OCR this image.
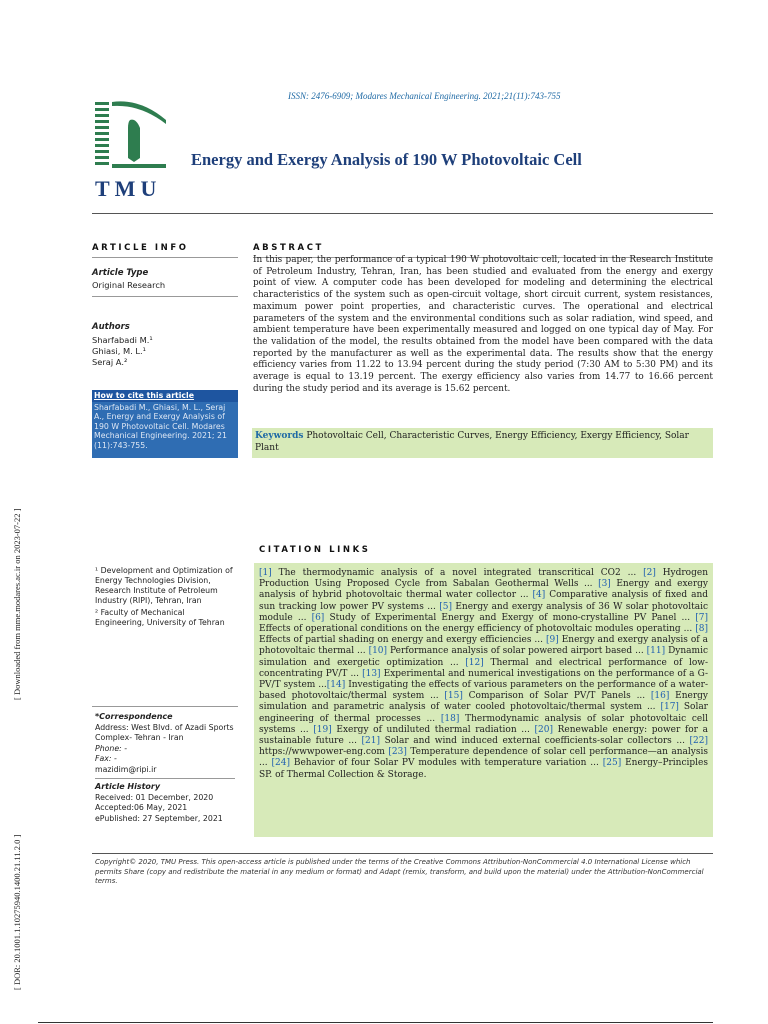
ISSN: 2476-6909; Modares Mechanical Engineering. 2021;21(11):743-755
TMU
Energy and Exergy Analysis of 190 W Photovoltaic Cell
ARTICLE INFO
Article Type
Original Research
Authors
Sharfabadi M.¹
Ghiasi, M. L.¹
Seraj A.²
How to cite this article
Sharfabadi M., Ghiasi, M. L., Seraj A., Energy and Exergy Analysis of 190 W Photovoltaic Cell. Modares Mechanical Engineering. 2021; 21 (11):743-755.
ABSTRACT
In this paper, the performance of a typical 190 W photovoltaic cell, located in the Research Institute of Petroleum Industry, Tehran, Iran, has been studied and evaluated from the energy and exergy point of view. A computer code has been developed for modeling and determining the electrical characteristics of the system such as open-circuit voltage, short circuit current, system resistances, maximum power point properties, and characteristic curves. The operational and electrical parameters of the system and the environmental conditions such as solar radiation, wind speed, and ambient temperature have been experimentally measured and logged on one typical day of May. For the validation of the model, the results obtained from the model have been compared with the data reported by the manufacturer as well as the experimental data. The results show that the energy efficiency varies from 11.22 to 13.94 percent during the study period (7:30 AM to 5:30 PM) and its average is equal to 13.19 percent. The exergy efficiency also varies from 14.77 to 16.66 percent during the study period and its average is 15.62 percent.
Keywords Photovoltaic Cell, Characteristic Curves, Energy Efficiency, Exergy Efficiency, Solar Plant
CITATION LINKS
[1] The thermodynamic analysis of a novel integrated transcritical CO2 ... [2] Hydrogen Production Using Proposed Cycle from Sabalan Geothermal Wells ... [3] Energy and exergy analysis of hybrid photovoltaic thermal water collector ... [4] Comparative analysis of fixed and sun tracking low power PV systems ... [5] Energy and exergy analysis of 36 W solar photovoltaic module ... [6] Study of Experimental Energy and Exergy of mono-crystalline PV Panel ... [7] Effects of operational conditions on the energy efficiency of photovoltaic modules operating ... [8] Effects of partial shading on energy and exergy efficiencies ... [9] Energy and exergy analysis of a photovoltaic thermal ... [10] Performance analysis of solar powered airport based ... [11] Dynamic simulation and exergetic optimization ... [12] Thermal and electrical performance of low-concentrating PV/T ... [13] Experimental and numerical investigations on the performance of a G-PV/T system ...[14] Investigating the effects of various parameters on the performance of a water-based photovoltaic/thermal system ... [15] Comparison of Solar PV/T Panels ... [16] Energy simulation and parametric analysis of water cooled photovoltaic/thermal system ... [17] Solar engineering of thermal processes ... [18] Thermodynamic analysis of solar photovoltaic cell systems ... [19] Exergy of undiluted thermal radiation ... [20] Renewable energy: power for a sustainable future ... [21] Solar and wind induced external coefficients-solar collectors ... [22] https://wwwpower-eng.com [23] Temperature dependence of solar cell performance—an analysis ... [24] Behavior of four Solar PV modules with temperature variation ... [25] Energy–Principles SP. of Thermal Collection & Storage.
¹ Development and Optimization of Energy Technologies Division, Research Institute of Petroleum Industry (RIPI), Tehran, Iran
² Faculty of Mechanical Engineering, University of Tehran
*Correspondence
Address: West Blvd. of Azadi Sports Complex- Tehran - Iran
Phone: -
Fax: -
mazidim@ripi.ir
Article History
Received: 01 December, 2020
Accepted:06 May, 2021
ePublished: 27 September, 2021
Copyright© 2020, TMU Press. This open-access article is published under the terms of the Creative Commons Attribution-NonCommercial 4.0 International License which permits Share (copy and redistribute the material in any medium or format) and Adapt (remix, transform, and build upon the material) under the Attribution-NonCommercial terms.
[ Downloaded from mme.modares.ac.ir on 2023-07-22 ]
[ DOR: 20.1001.1.10275940.1400.21.11.2.0 ]
